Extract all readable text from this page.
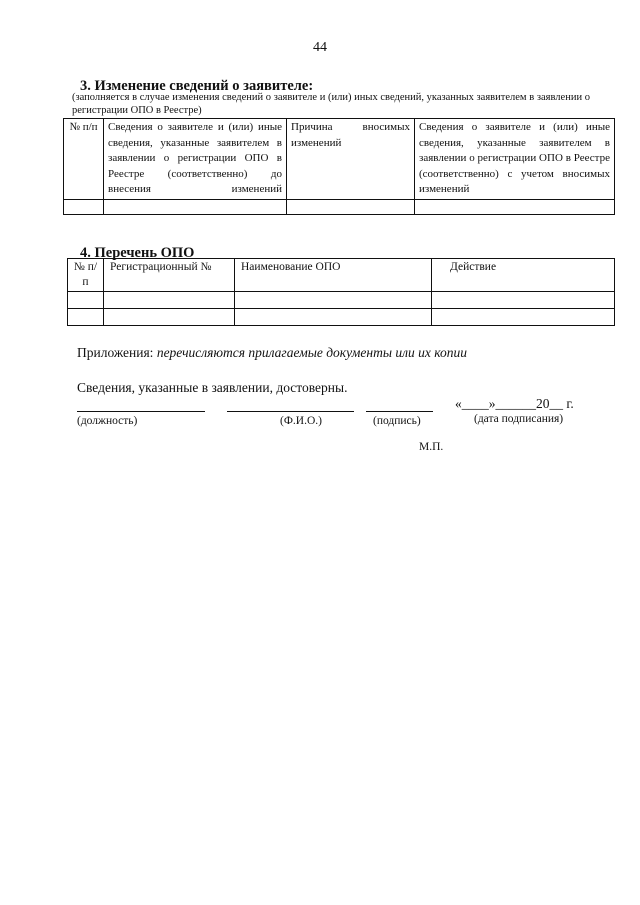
44
3. Изменение сведений о заявителе:
(заполняется в случае изменения сведений о заявителе и (или) иных сведений, указанных заявителем в заявлении о регистрации ОПО в Реестре)
№ п/п	Сведения о заявителе и (или) иные сведения, указанные заявителем в заявлении о регистрации ОПО в Реестре (соответственно) до внесения изменений	Причина вносимых изменений	Сведения о заявителе и (или) иные сведения, указанные заявителем в заявлении о регистрации ОПО в Реестре (соответственно) с учетом вносимых изменений

4. Перечень ОПО
№ п/п	Регистрационный №	Наименование ОПО	Действие

Приложения: перечисляются прилагаемые документы или их копии
Сведения, указанные в заявлении, достоверны.
«____»______20__ г.
(должность)	(Ф.И.О.)	(подпись)	(дата подписания)
М.П.
